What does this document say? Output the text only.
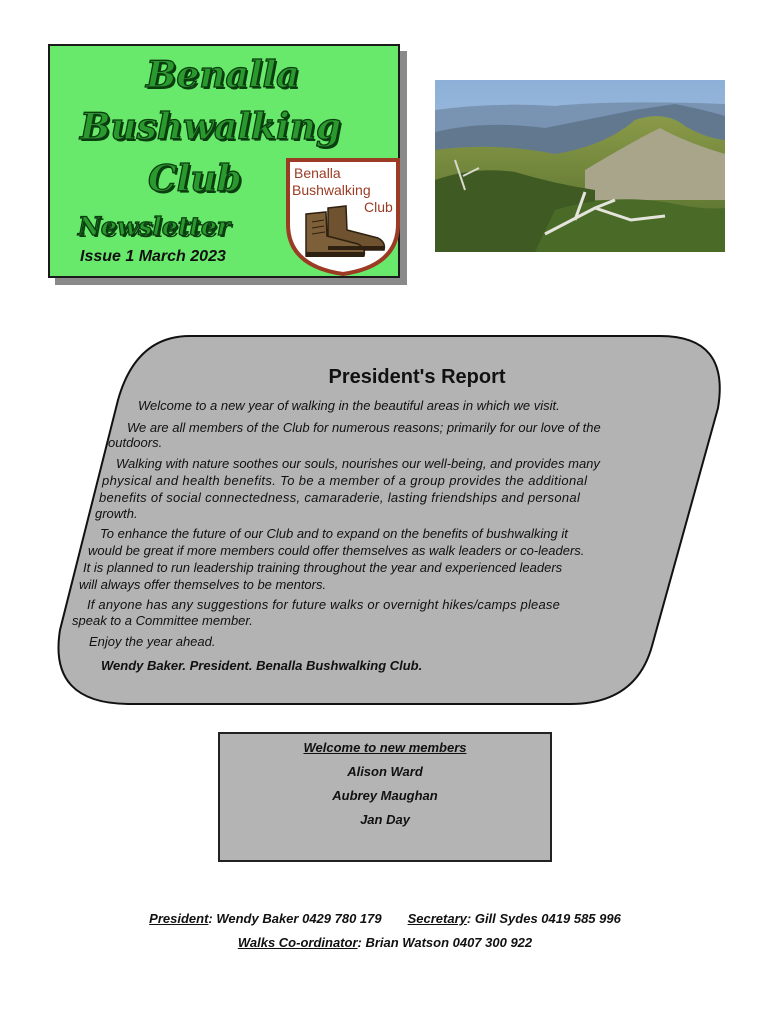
Benalla
Bushwalking
Club
Newsletter
Issue 1 March 2023
Benalla
Bushwalking
Club
President's Report
Welcome to a new year of walking in the beautiful areas in which we visit.
We are all members of the Club for numerous reasons; primarily for our love of the
outdoors.
Walking with nature soothes our souls, nourishes our well-being, and provides many
physical and health benefits. To be a member of a group provides the additional
benefits of social connectedness, camaraderie, lasting friendships and personal
growth.
To enhance the future of our Club and to expand on the benefits of bushwalking it
would be great if more members could offer themselves as walk leaders or co-leaders.
It is planned to run leadership training throughout the year and experienced leaders
will always offer themselves to be mentors.
If anyone has any suggestions for future walks or overnight hikes/camps please
speak to a Committee member.
Enjoy the year ahead.
Wendy Baker. President. Benalla Bushwalking Club.
Welcome to new members
Alison Ward
Aubrey Maughan
Jan Day
President: Wendy Baker 0429 780 179 Secretary: Gill Sydes 0419 585 996
Walks Co-ordinator: Brian Watson 0407 300 922
